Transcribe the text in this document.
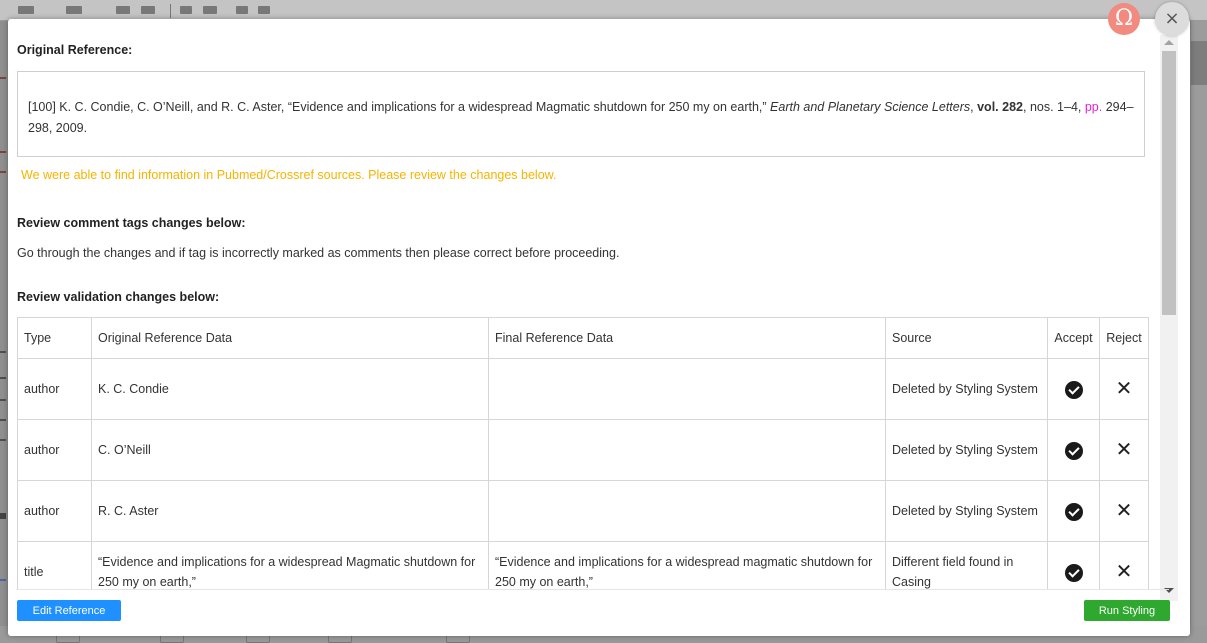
Original Reference:
[100] K. C. Condie, C. O’Neill, and R. C. Aster, “Evidence and implications for a widespread Magmatic shutdown for 250 my on earth,” Earth and Planetary Science Letters, vol. 282, nos. 1–4, pp. 294–298, 2009.
We were able to find information in Pubmed/Crossref sources. Please review the changes below.
Review comment tags changes below:
Go through the changes and if tag is incorrectly marked as comments then please correct before proceeding.
Review validation changes below:
Type	Original Reference Data	Final Reference Data	Source	Accept	Reject
author	K. C. Condie		Deleted by Styling System		✕
author	C. O’Neill		Deleted by Styling System		✕
author	R. C. Aster		Deleted by Styling System		✕
title	“Evidence and implications for a widespread Magmatic shutdown for 250 my on earth,”	“Evidence and implications for a widespread magmatic shutdown for 250 my on earth,”	Different field found in Casing		✕
Edit Reference	Run Styling
Ω	×
